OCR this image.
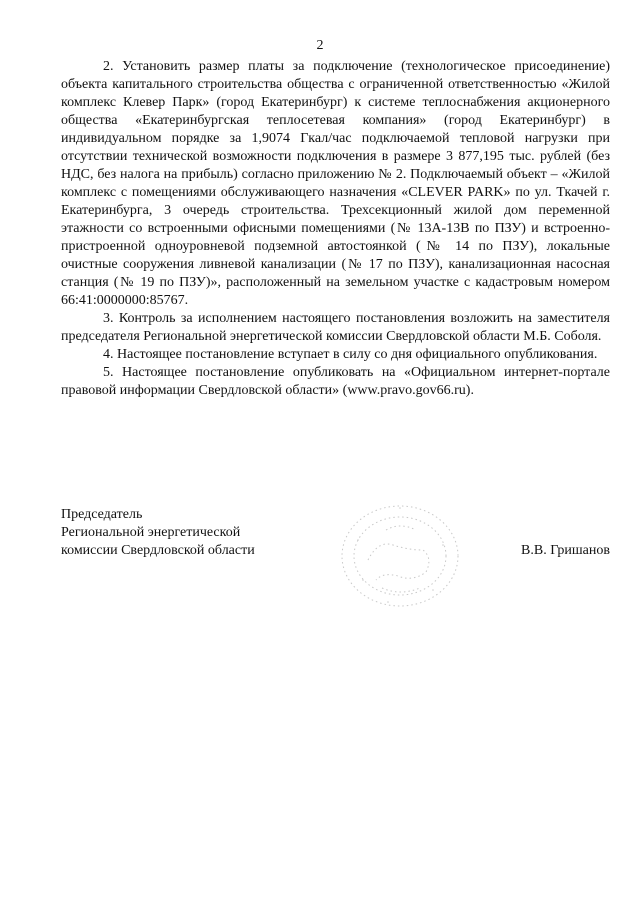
2

2. Установить размер платы за подключение (технологическое присоединение) объекта капитального строительства общества с ограниченной ответственностью «Жилой комплекс Клевер Парк» (город Екатеринбург) к системе теплоснабжения акционерного общества «Екатеринбургская теплосетевая компания» (город Екатеринбург) в индивидуальном порядке за 1,9074 Гкал/час подключаемой тепловой нагрузки при отсутствии технической возможности подключения в размере 3 877,195 тыс. рублей (без НДС, без налога на прибыль) согласно приложению № 2. Подключаемый объект – «Жилой комплекс с помещениями обслуживающего назначения «CLEVER PARK» по ул. Ткачей г. Екатеринбурга, 3 очередь строительства. Трехсекционный жилой дом переменной этажности со встроенными офисными помещениями (№ 13А-13В по ПЗУ) и встроенно-пристроенной одноуровневой подземной автостоянкой (№ 14 по ПЗУ), локальные очистные сооружения ливневой канализации (№ 17 по ПЗУ), канализационная насосная станция (№ 19 по ПЗУ)», расположенный на земельном участке с кадастровым номером 66:41:0000000:85767.

3. Контроль за исполнением настоящего постановления возложить на заместителя председателя Региональной энергетической комиссии Свердловской области М.Б. Соболя.

4. Настоящее постановление вступает в силу со дня официального опубликования.

5. Настоящее постановление опубликовать на «Официальном интернет-портале правовой информации Свердловской области» (www.pravo.gov66.ru).

Председатель
Региональной энергетической
комиссии Свердловской области	В.В. Гришанов
